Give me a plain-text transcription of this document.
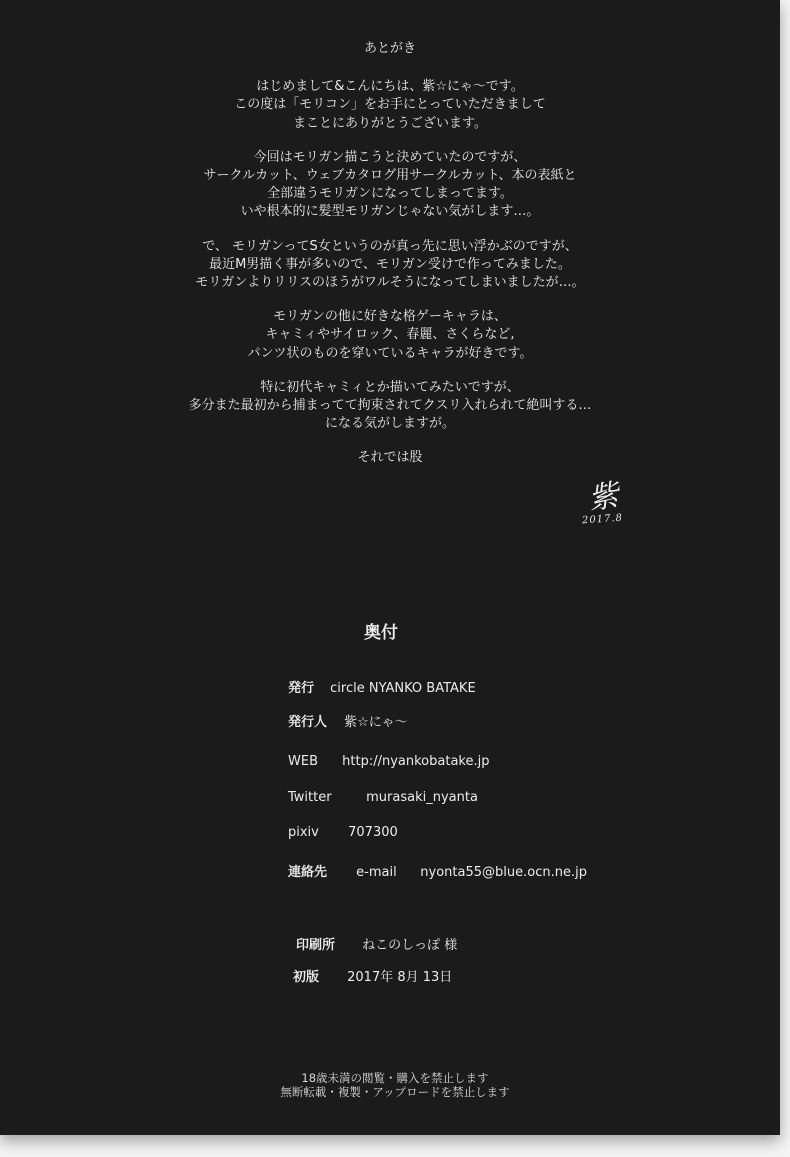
あとがき
はじめまして&こんにちは、紫☆にゃ〜です。
この度は「モリコン」をお手にとっていただきまして
まことにありがとうございます。
今回はモリガン描こうと決めていたのですが、
サークルカット、ウェブカタログ用サークルカット、本の表紙と
全部違うモリガンになってしまってます。
いや根本的に髪型モリガンじゃない気がします…。
で、 モリガンってS女というのが真っ先に思い浮かぶのですが、
最近M男描く事が多いので、モリガン受けで作ってみました。
モリガンよりリリスのほうがワルそうになってしまいましたが…。
モリガンの他に好きな格ゲーキャラは、
キャミィやサイロック、春麗、さくらなど,
パンツ状のものを穿いているキャラが好きです。
特に初代キャミィとか描いてみたいですが、
多分また最初から捕まってて拘束されてクスリ入れられて絶叫する…
になる気がしますが。
それでは股
紫
2017.8
奥付
発行 circle NYANKO BATAKE
発行人 紫☆にゃ〜
WEB http://nyankobatake.jp
Twitter	murasaki_nyanta
pixiv 707300
連絡先 e-mail nyonta55@blue.ocn.ne.jp
印刷所 ねこのしっぽ 様
初版 2017年 8月 13日
18歳未満の閲覧・購入を禁止します
無断転載・複製・アップロードを禁止します
